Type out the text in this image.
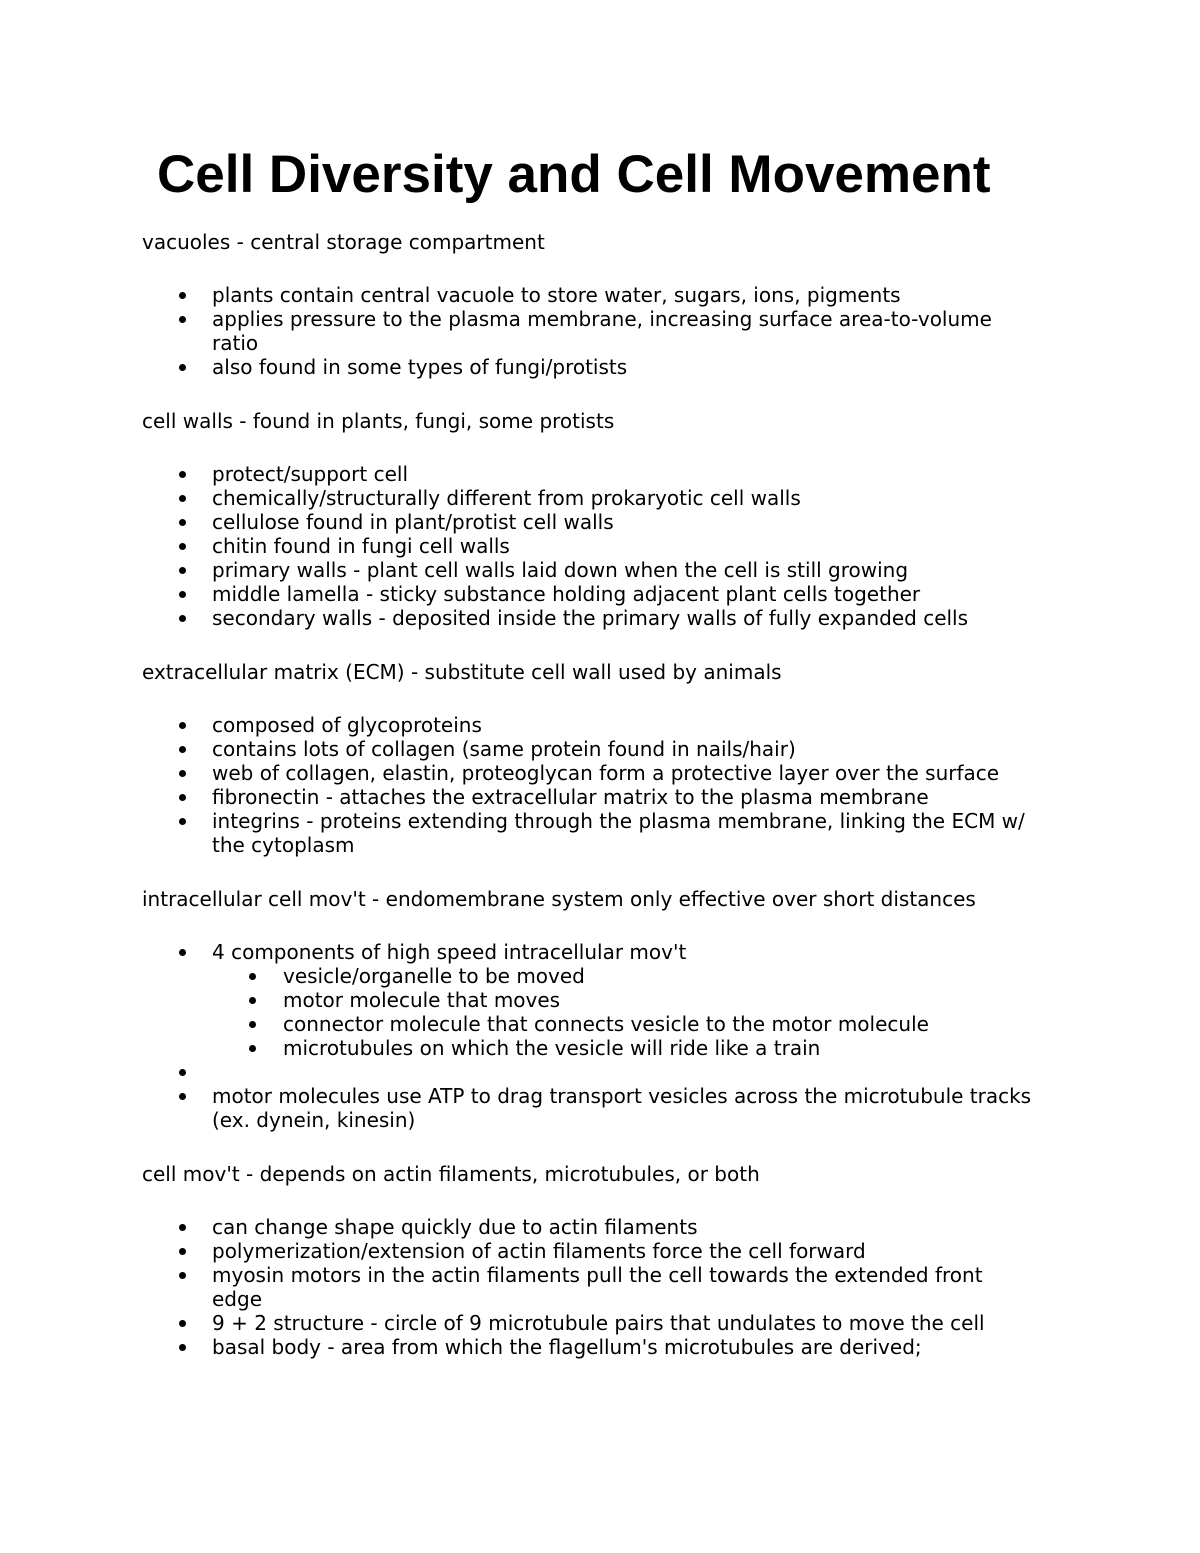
Cell Diversity and Cell Movement

vacuoles - central storage compartment

plants contain central vacuole to store water, sugars, ions, pigments
applies pressure to the plasma membrane, increasing surface area-to-volume ratio
also found in some types of fungi/protists

cell walls - found in plants, fungi, some protists

protect/support cell
chemically/structurally different from prokaryotic cell walls
cellulose found in plant/protist cell walls
chitin found in fungi cell walls
primary walls - plant cell walls laid down when the cell is still growing
middle lamella - sticky substance holding adjacent plant cells together
secondary walls - deposited inside the primary walls of fully expanded cells

extracellular matrix (ECM) - substitute cell wall used by animals

composed of glycoproteins
contains lots of collagen (same protein found in nails/hair)
web of collagen, elastin, proteoglycan form a protective layer over the surface
fibronectin - attaches the extracellular matrix to the plasma membrane
integrins - proteins extending through the plasma membrane, linking the ECM w/ the cytoplasm

intracellular cell mov't - endomembrane system only effective over short distances

4 components of high speed intracellular mov't
vesicle/organelle to be moved
motor molecule that moves
connector molecule that connects vesicle to the motor molecule
microtubules on which the vesicle will ride like a train
motor molecules use ATP to drag transport vesicles across the microtubule tracks (ex. dynein, kinesin)

cell mov't - depends on actin filaments, microtubules, or both

can change shape quickly due to actin filaments
polymerization/extension of actin filaments force the cell forward
myosin motors in the actin filaments pull the cell towards the extended front edge
9 + 2 structure - circle of 9 microtubule pairs that undulates to move the cell
basal body - area from which the flagellum's microtubules are derived;
